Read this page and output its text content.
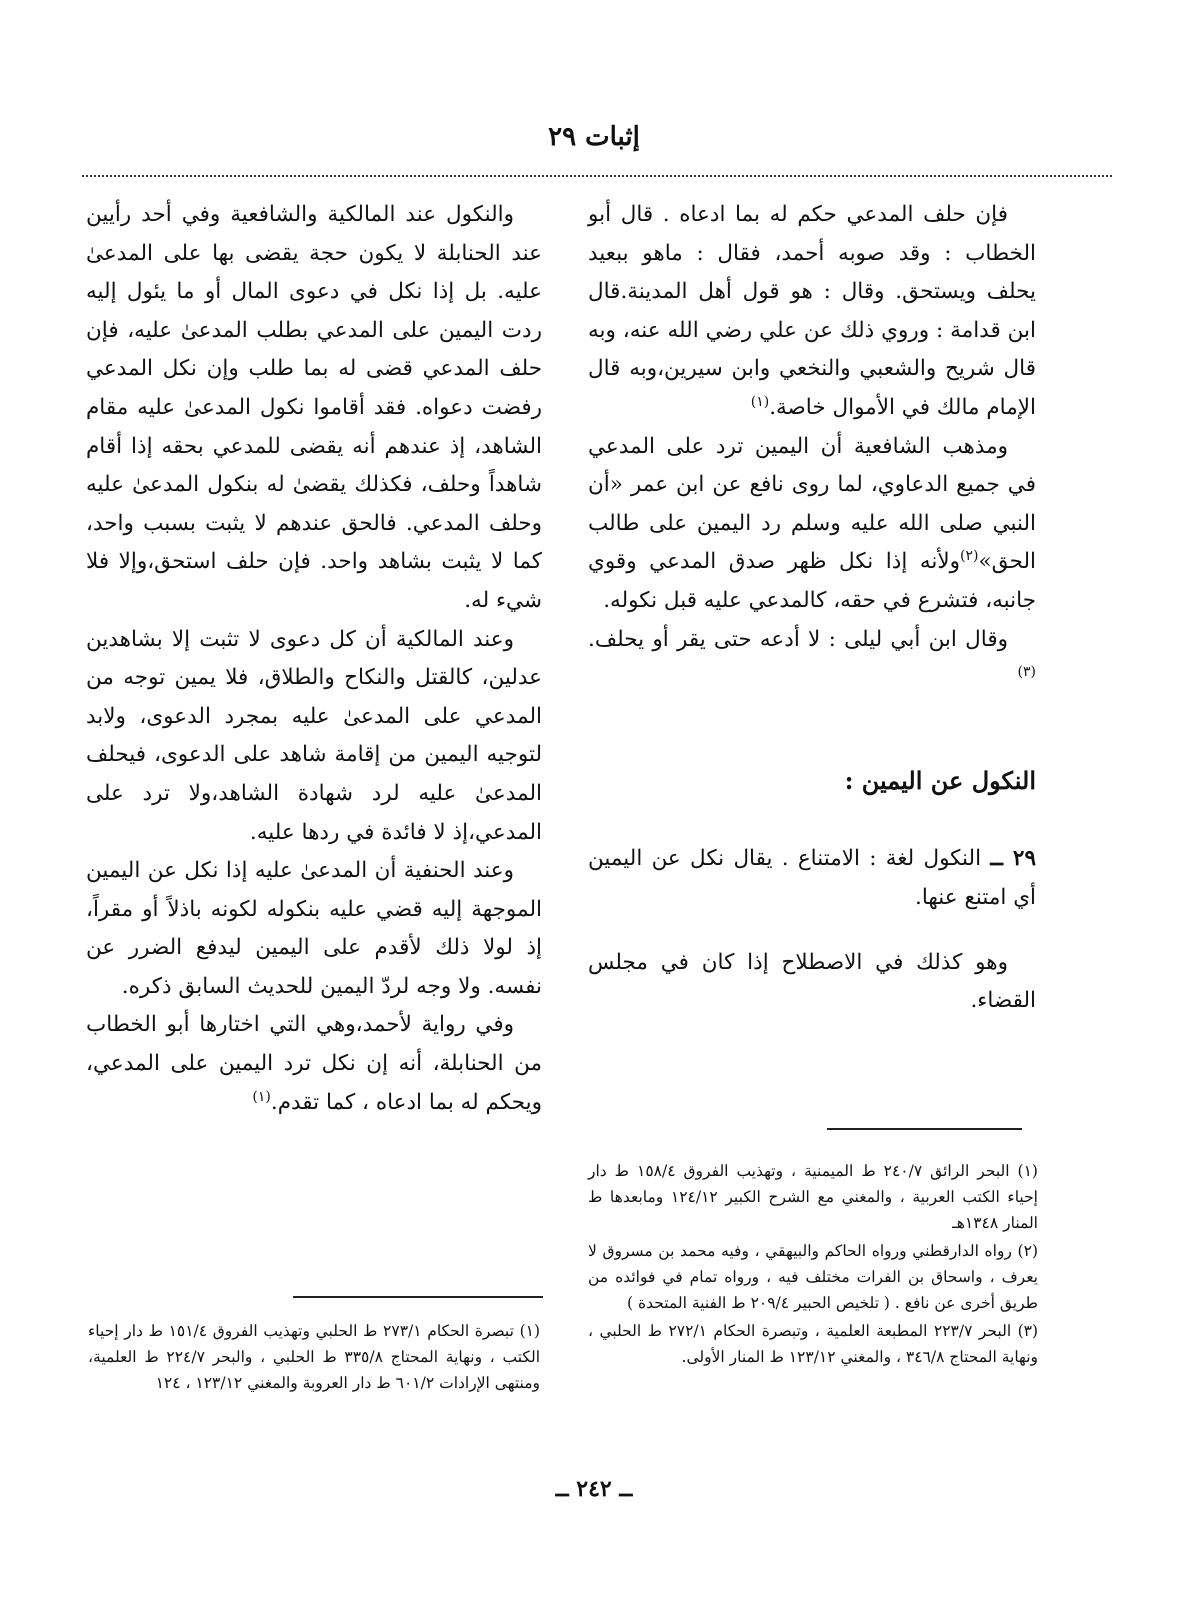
إثبات ٢٩

فإن حلف المدعي حكم له بما ادعاه . قال أبو الخطاب : وقد صوبه أحمد، فقال : ماهو ببعيد يحلف ويستحق. وقال : هو قول أهل المدينة.قال ابن قدامة : وروي ذلك عن علي رضي الله عنه، وبه قال شريح والشعبي والنخعي وابن سيرين،وبه قال الإمام مالك في الأموال خاصة.$^{(١)}$

ومذهب الشافعية أن اليمين ترد على المدعي في جميع الدعاوي، لما روى نافع عن ابن عمر «أن النبي صلى الله عليه وسلم رد اليمين على طالب الحق»$^{(٢)}$ولأنه إذا نكل ظهر صدق المدعي وقوي جانبه، فتشرع في حقه، كالمدعي عليه قبل نكوله.

وقال ابن أبي ليلى : لا أدعه حتى يقر أو يحلف.$^{(٣)}$

النكول عن اليمين :

٢٩ ــ النكول لغة : الامتناع . يقال نكل عن اليمين أي امتنع عنها.

وهو كذلك في الاصطلاح إذا كان في مجلس القضاء.

والنكول عند المالكية والشافعية وفي أحد رأيين عند الحنابلة لا يكون حجة يقضى بها على المدعىٰ عليه. بل إذا نكل في دعوى المال أو ما يئول إليه ردت اليمين على المدعي بطلب المدعىٰ عليه، فإن حلف المدعي قضى له بما طلب وإن نكل المدعي رفضت دعواه. فقد أقاموا نكول المدعىٰ عليه مقام الشاهد، إذ عندهم أنه يقضى للمدعي بحقه إذا أقام شاهداً وحلف، فكذلك يقضىٰ له بنكول المدعىٰ عليه وحلف المدعي. فالحق عندهم لا يثبت بسبب واحد، كما لا يثبت بشاهد واحد. فإن حلف استحق،وإلا فلا شيء له.

وعند المالكية أن كل دعوى لا تثبت إلا بشاهدين عدلين، كالقتل والنكاح والطلاق، فلا يمين توجه من المدعي على المدعىٰ عليه بمجرد الدعوى، ولابد لتوجيه اليمين من إقامة شاهد على الدعوى، فيحلف المدعىٰ عليه لرد شهادة الشاهد،ولا ترد على المدعي،إذ لا فائدة في ردها عليه.

وعند الحنفية أن المدعىٰ عليه إذا نكل عن اليمين الموجهة إليه قضي عليه بنكوله لكونه باذلاً أو مقراً، إذ لولا ذلك لأقدم على اليمين ليدفع الضرر عن نفسه. ولا وجه لردّ اليمين للحديث السابق ذكره.

وفي رواية لأحمد،وهي التي اختارها أبو الخطاب من الحنابلة، أنه إن نكل ترد اليمين على المدعي، ويحكم له بما ادعاه ، كما تقدم.$^{(١)}$

(١) البحر الرائق ٢٤٠/٧ ط الميمنية ، وتهذيب الفروق ١٥٨/٤ ط دار إحياء الكتب العربية ، والمغني مع الشرح الكبير ١٢٤/١٢ ومابعدها ط المنار ١٣٤٨هـ

(٢) رواه الدارقطني ورواه الحاكم والبيهقي ، وفيه محمد بن مسروق لا يعرف ، واسحاق بن الفرات مختلف فيه ، ورواه تمام في فوائده من طريق أخرى عن نافع . ( تلخيص الحبير ٢٠٩/٤ ط الفنية المتحدة )

(٣) البحر ٢٢٣/٧ المطبعة العلمية ، وتبصرة الحكام ٢٧٢/١ ط الحلبي ، ونهاية المحتاج ٣٤٦/٨ ، والمغني ١٢٣/١٢ ط المنار الأولى.

(١) تبصرة الحكام ٢٧٣/١ ط الحلبي وتهذيب الفروق ١٥١/٤ ط دار إحياء الكتب ، ونهاية المحتاج ٣٣٥/٨ ط الحلبي ، والبحر ٢٢٤/٧ ط العلمية، ومنتهى الإرادات ٦٠١/٢ ط دار العروبة والمغني ١٢٣/١٢ ، ١٢٤

ــ ٢٤٢ ــ
